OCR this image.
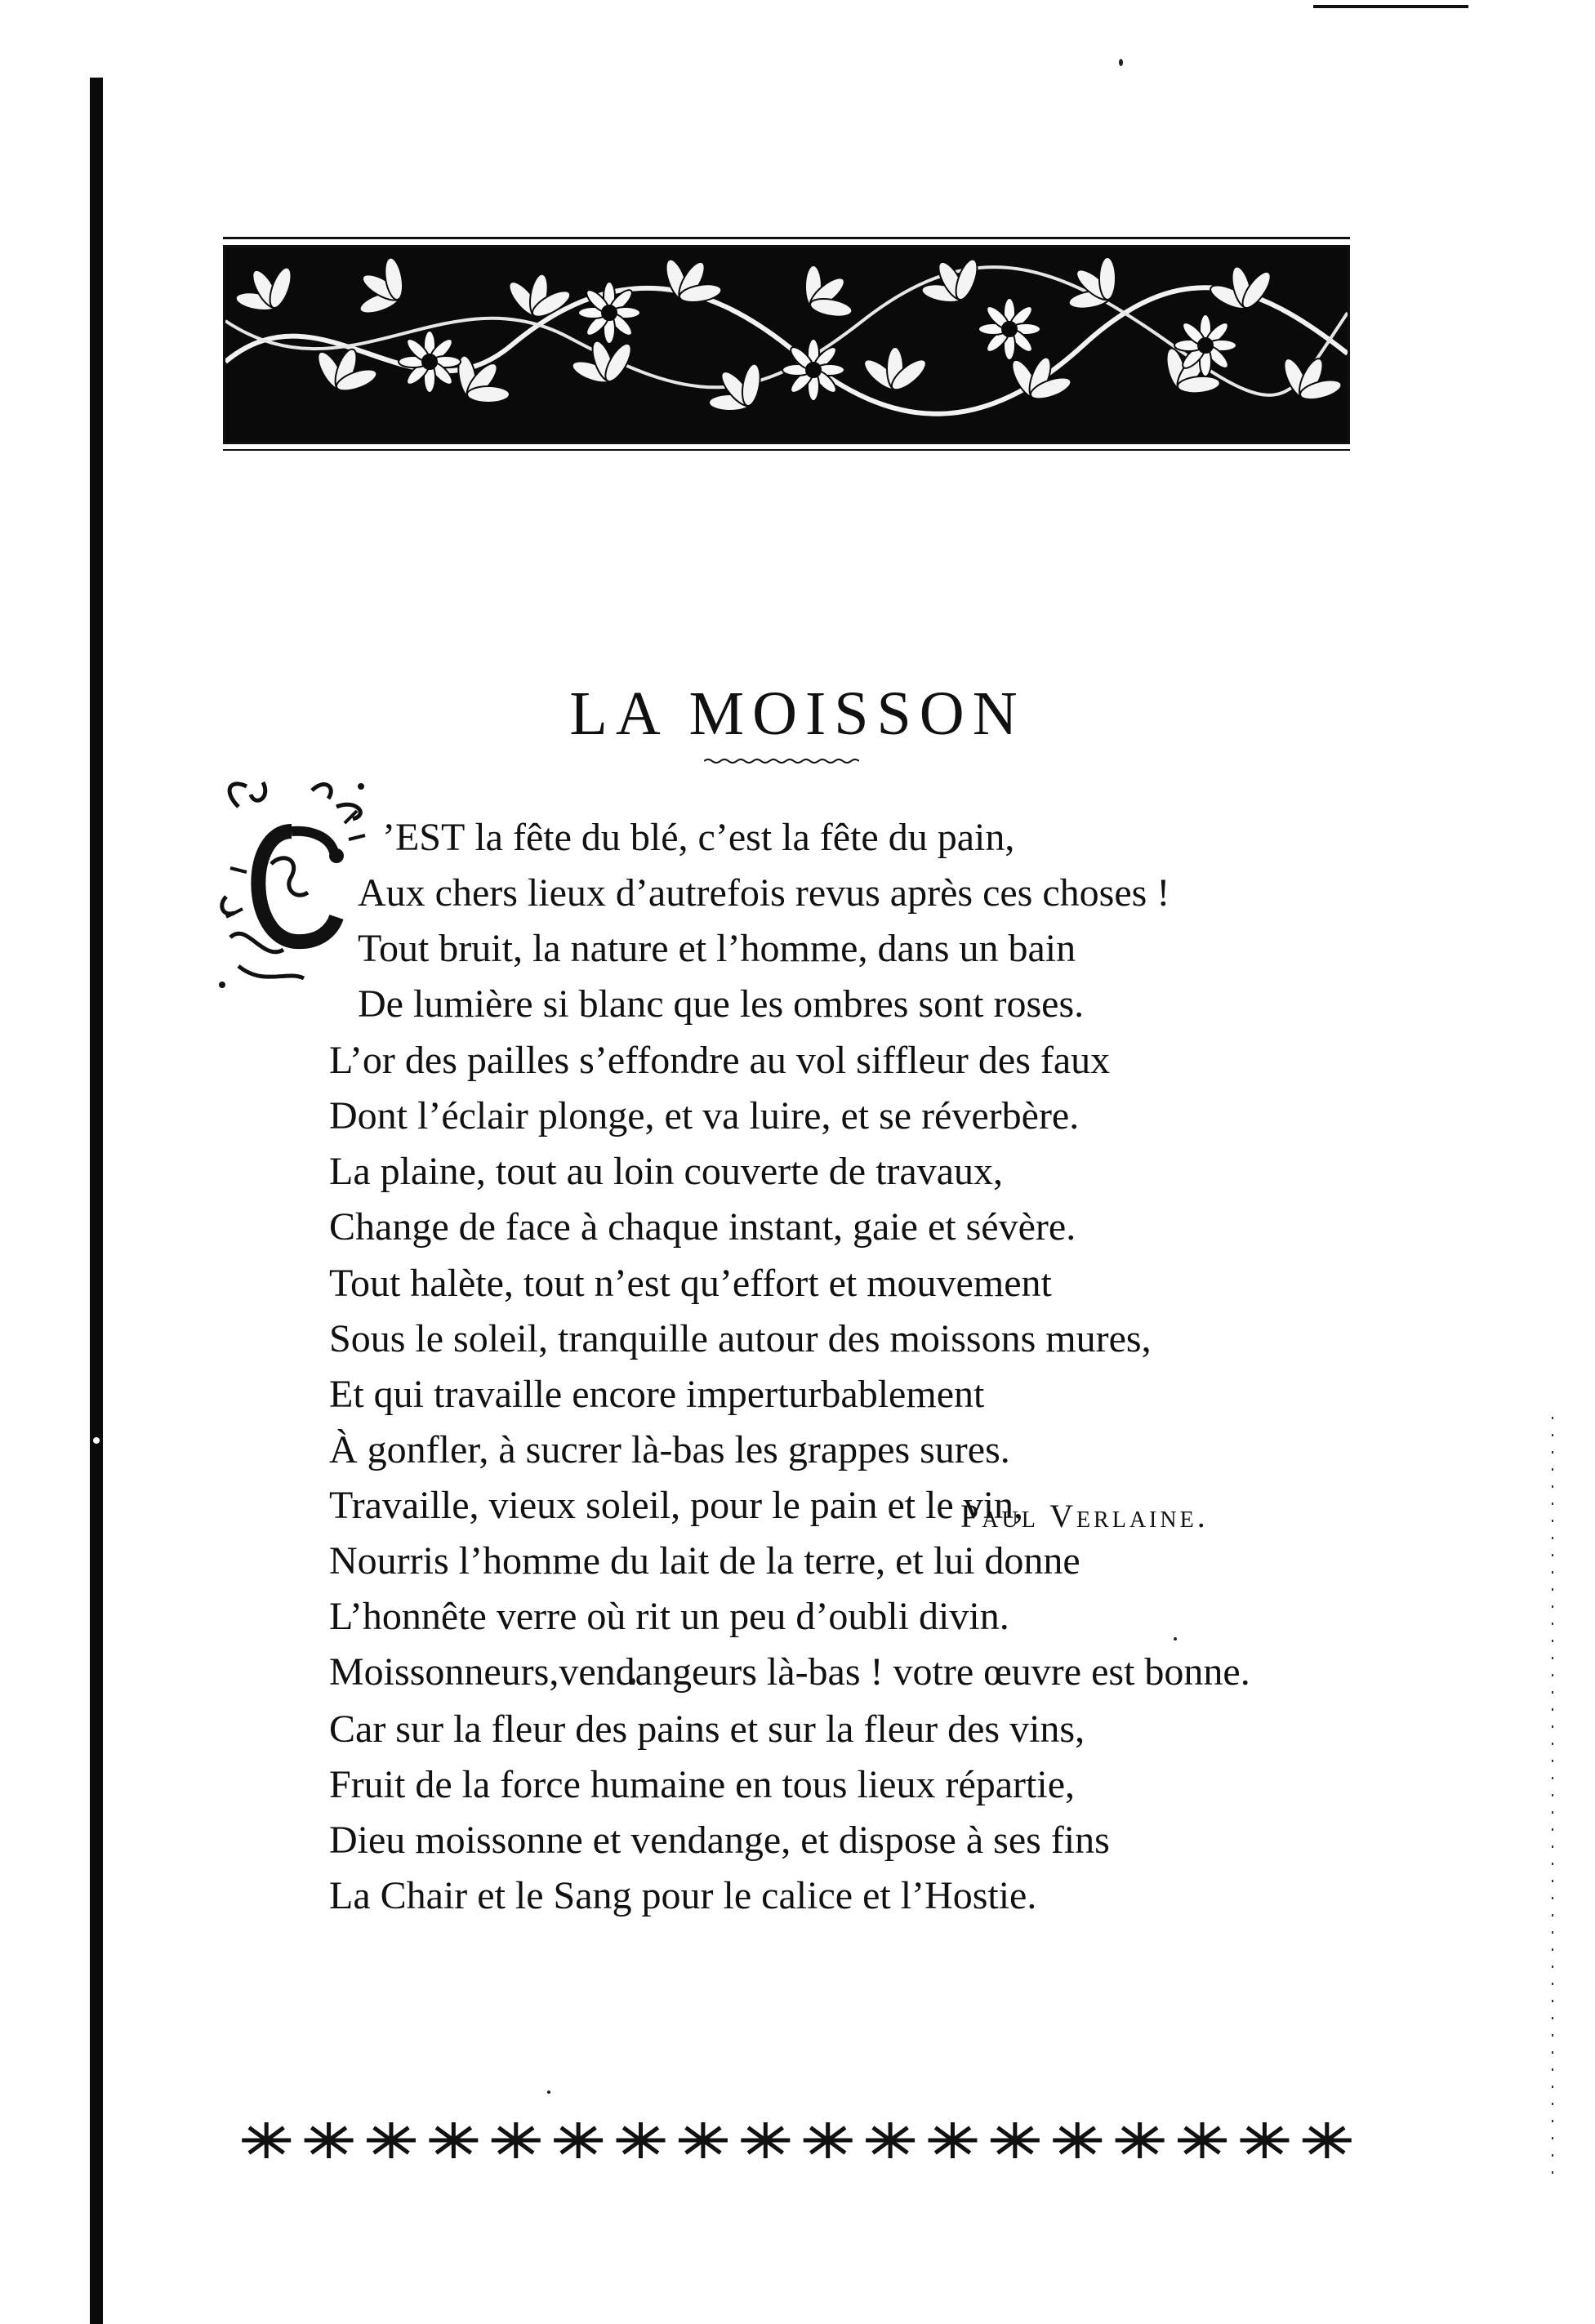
LA MOISSON
’EST la fête du blé, c’est la fête du pain,
Aux chers lieux d’autrefois revus après ces choses !
Tout bruit, la nature et l’homme, dans un bain
De lumière si blanc que les ombres sont roses.
L’or des pailles s’effondre au vol siffleur des faux
Dont l’éclair plonge, et va luire, et se réverbère.
La plaine, tout au loin couverte de travaux,
Change de face à chaque instant, gaie et sévère.
Tout halète, tout n’est qu’effort et mouvement
Sous le soleil, tranquille autour des moissons mures,
Et qui travaille encore imperturbablement
À gonfler, à sucrer là-bas les grappes sures.
Travaille, vieux soleil, pour le pain et le vin,
Nourris l’homme du lait de la terre, et lui donne
L’honnête verre où rit un peu d’oubli divin.
Moissonneurs,vendangeurs là-bas ! votre œuvre est bonne.
Car sur la fleur des pains et sur la fleur des vins,
Fruit de la force humaine en tous lieux répartie,
Dieu moissonne et vendange, et dispose à ses fins
La Chair et le Sang pour le calice et l’Hostie.
Paul Verlaine.
